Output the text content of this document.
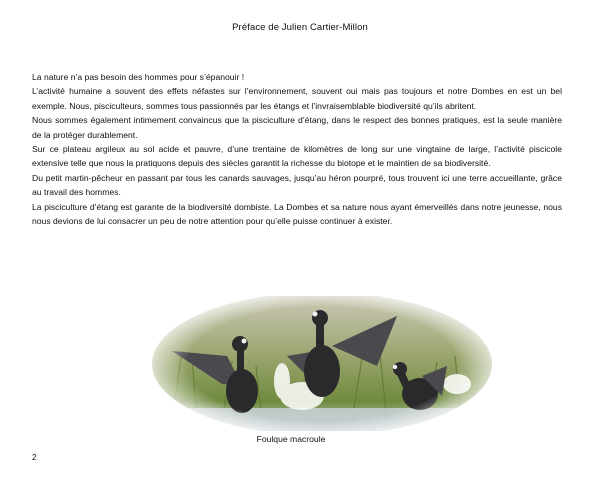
Préface de Julien Cartier-Millon

La nature n’a pas besoin des hommes pour s’épanouir !

L’activité humaine a souvent des effets néfastes sur l’environnement, souvent oui mais pas toujours et notre Dombes en est un bel exemple. Nous, pisciculteurs, sommes tous passionnés par les étangs et l’invraisemblable biodiversité qu’ils abritent.

Nous sommes également intimement convaincus que la pisciculture d’étang, dans le respect des bonnes pratiques, est la seule manière de la protéger durablement.

Sur ce plateau argileux au sol acide et pauvre, d’une trentaine de kilomètres de long sur une vingtaine de large, l’activité piscicole extensive telle que nous la pratiquons depuis des siècles garantit la richesse du biotope et le maintien de sa biodiversité.

Du petit martin-pêcheur en passant par tous les canards sauvages, jusqu’au héron pourpré, tous trouvent ici une terre accueillante, grâce au travail des hommes.

La pisciculture d’étang est garante de la biodiversité dombiste. La Dombes et sa nature nous ayant émerveillés dans notre jeunesse, nous nous devions de lui consacrer un peu de notre attention pour qu’elle puisse continuer à exister.

Foulque macroule
2
